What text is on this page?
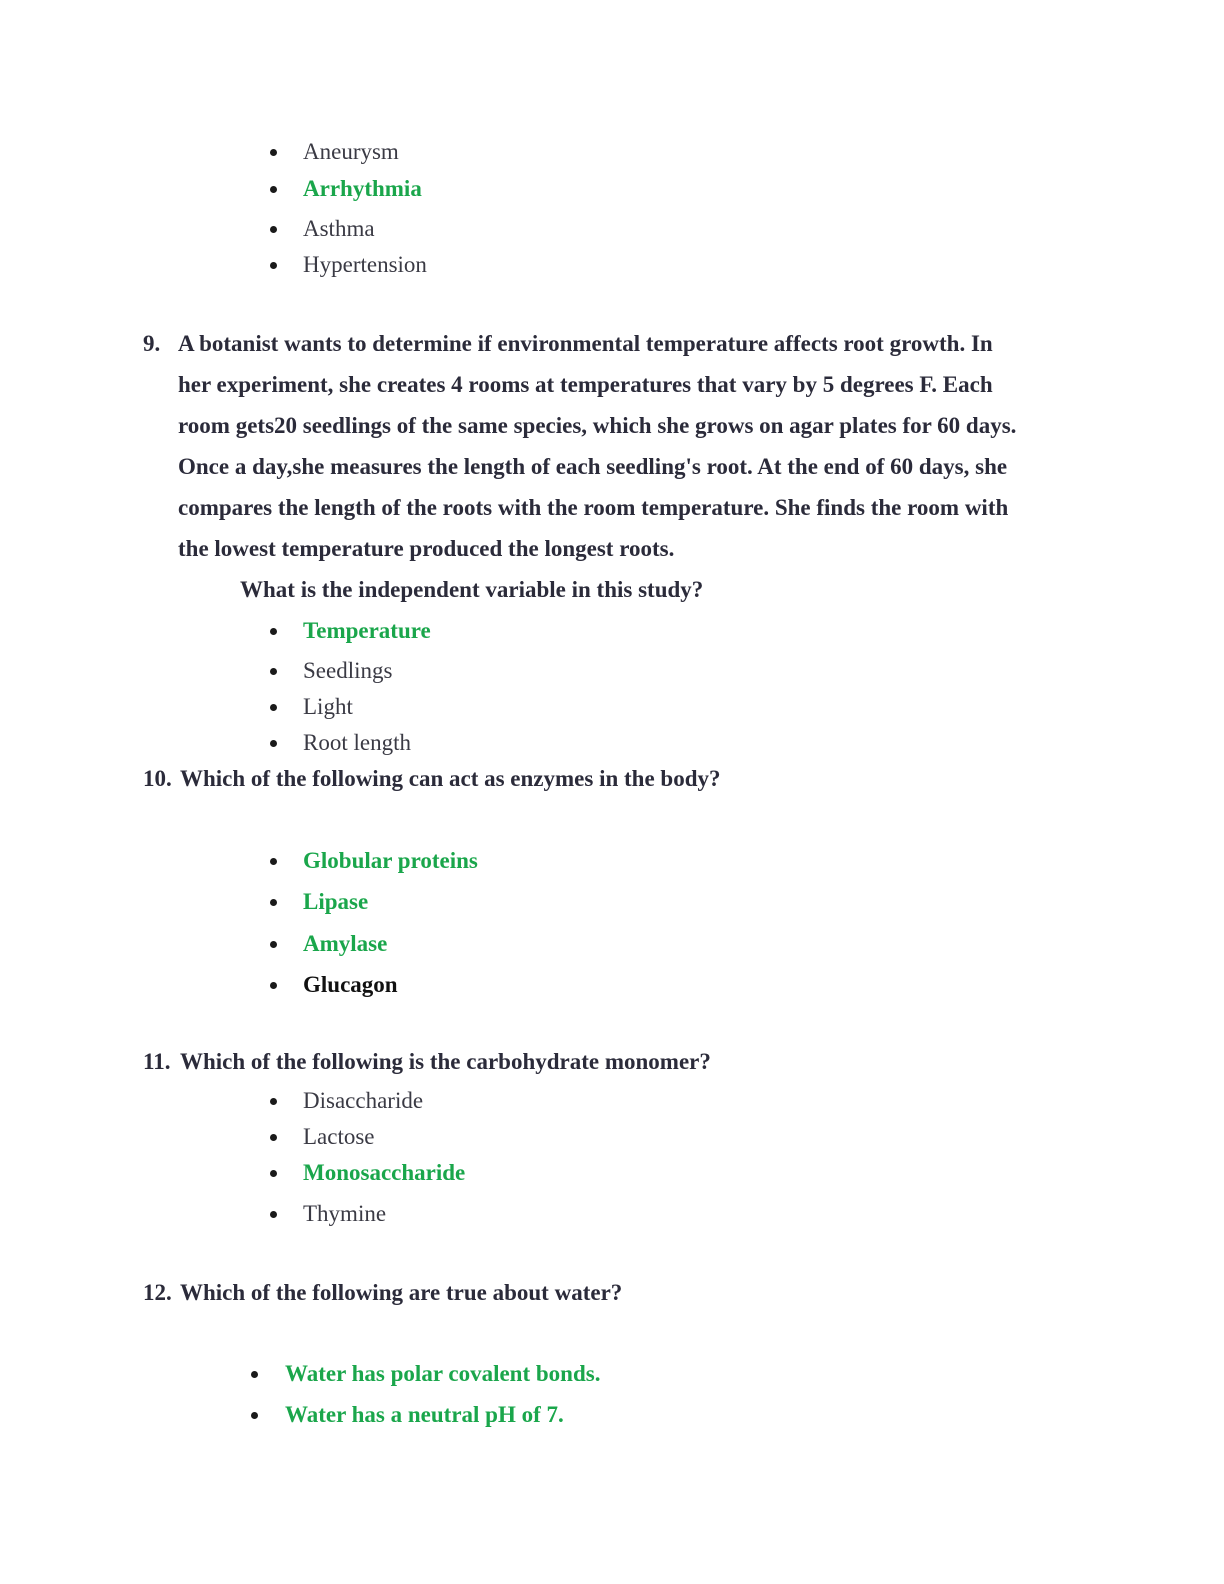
Aneurysm
Arrhythmia
Asthma
Hypertension
9. A botanist wants to determine if environmental temperature affects root growth. In
her experiment, she creates 4 rooms at temperatures that vary by 5 degrees F. Each
room gets20 seedlings of the same species, which she grows on agar plates for 60 days.
Once a day,she measures the length of each seedling's root. At the end of 60 days, she
compares the length of the roots with the room temperature. She finds the room with
the lowest temperature produced the longest roots.
What is the independent variable in this study?
Temperature
Seedlings
Light
Root length
10. Which of the following can act as enzymes in the body?
Globular proteins
Lipase
Amylase
Glucagon
11. Which of the following is the carbohydrate monomer?
Disaccharide
Lactose
Monosaccharide
Thymine
12. Which of the following are true about water?
Water has polar covalent bonds.
Water has a neutral pH of 7.
